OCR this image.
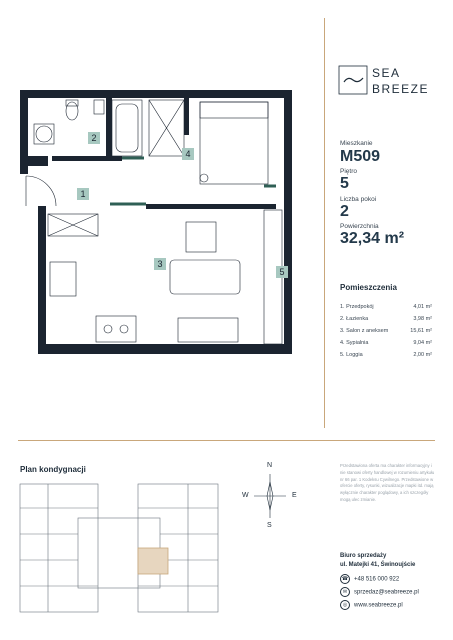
1
2
3
4
5
SEA
BREEZE
Mieszkanie
M509
Piętro
5
Liczba pokoi
2
Powierzchnia
32,34 m²
Pomieszczenia
1. Przedpokój	4,01 m²
2. Łazienka	3,98 m²
3. Salon z aneksem	15,61 m²
4. Sypialnia	9,04 m²
5. Loggia	2,00 m²
Plan kondygnacji	N
S
W	E
Przedstawiona oferta ma charakter informacyjny i nie stanowi oferty handlowej w rozumieniu artykułu nr 66 par. 1 Kodeksu Cywilnego. Przedstawione w ofercie oferty, rysunki, wizualizacje mapki itd. mają wyłącznie charakter poglądowy, a ich szczegóły mogą ulec zmianie.
Biuro sprzedaży
ul. Matejki 41, Świnoujście
☎ +48 516 000 922
✉ sprzedaz@seabreeze.pl
◎ www.seabreeze.pl
